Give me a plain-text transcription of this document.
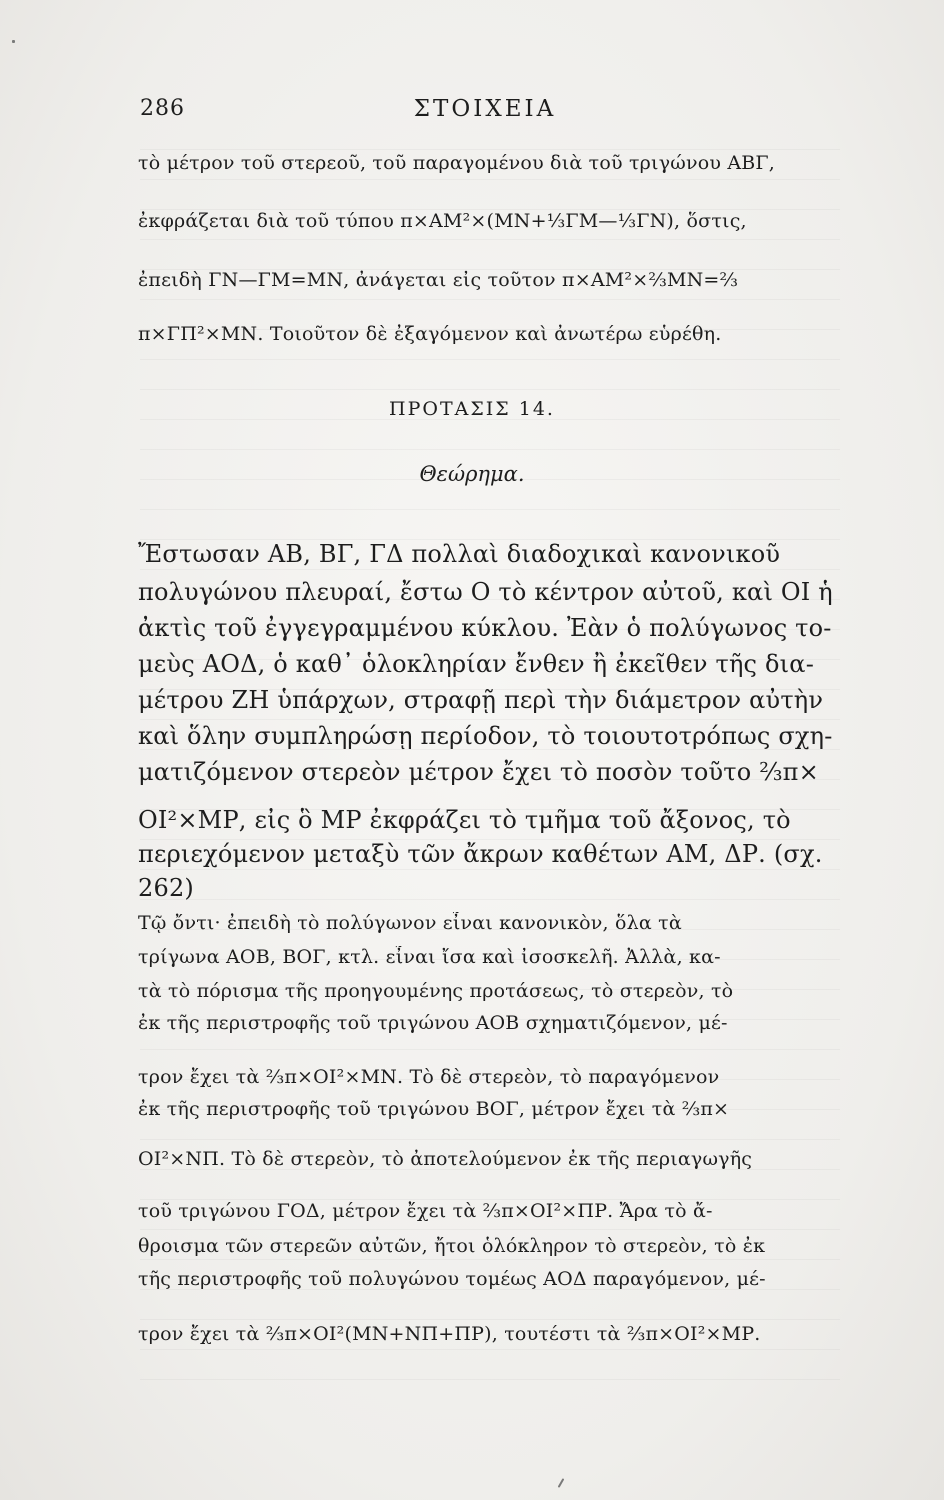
286	ΣΤΟΙΧΕΙΑ
τὸ μέτρον τοῦ στερεοῦ, τοῦ παραγομένου διὰ τοῦ τριγώνου ΑΒΓ,
ἐκφράζεται διὰ τοῦ τύπου π×ΑΜ²×(ΜΝ+⅓ΓΜ—⅓ΓΝ), ὅστις,
ἐπειδὴ ΓΝ—ΓΜ=ΜΝ, ἀνάγεται εἰς τοῦτον π×ΑΜ²×⅔ΜΝ=⅔
π×ΓΠ²×ΜΝ. Τοιοῦτον δὲ ἐξαγόμενον καὶ ἀνωτέρω εὑρέθη.
ΠΡΟΤΑΣΙΣ 14.
Θεώρημα.
Ἔστωσαν ΑΒ, ΒΓ, ΓΔ πολλαὶ διαδοχικαὶ κανονικοῦ
πολυγώνου πλευραί, ἔστω Ο τὸ κέντρον αὐτοῦ, καὶ ΟΙ ἡ
ἀκτὶς τοῦ ἐγγεγραμμένου κύκλου. Ἐὰν ὁ πολύγωνος το-
μεὺς ΑΟΔ, ὁ καθ᾽ ὁλοκληρίαν ἔνθεν ἢ ἐκεῖθεν τῆς δια-
μέτρου ΖΗ ὑπάρχων, στραφῇ περὶ τὴν διάμετρον αὐτὴν
καὶ ὅλην συμπληρώσῃ περίοδον, τὸ τοιουτοτρόπως σχη-
ματιζόμενον στερεὸν μέτρον ἔχει τὸ ποσὸν τοῦτο ⅔π×
ΟΙ²×ΜΡ, εἰς ὃ ΜΡ ἐκφράζει τὸ τμῆμα τοῦ ἄξονος, τὸ
περιεχόμενον μεταξὺ τῶν ἄκρων καθέτων ΑΜ, ΔΡ. (σχ.
262)
Τῷ ὄντι· ἐπειδὴ τὸ πολύγωνον εἶναι κανονικὸν, ὅλα τὰ
τρίγωνα ΑΟΒ, ΒΟΓ, κτλ. εἶναι ἴσα καὶ ἰσοσκελῆ. Ἀλλὰ, κα-
τὰ τὸ πόρισμα τῆς προηγουμένης προτάσεως, τὸ στερεὸν, τὸ
ἐκ τῆς περιστροφῆς τοῦ τριγώνου ΑΟΒ σχηματιζόμενον, μέ-
τρον ἔχει τὰ ⅔π×ΟΙ²×ΜΝ. Τὸ δὲ στερεὸν, τὸ παραγόμενον
ἐκ τῆς περιστροφῆς τοῦ τριγώνου ΒΟΓ, μέτρον ἔχει τὰ ⅔π×
ΟΙ²×ΝΠ. Τὸ δὲ στερεὸν, τὸ ἀποτελούμενον ἐκ τῆς περιαγωγῆς
τοῦ τριγώνου ΓΟΔ, μέτρον ἔχει τὰ ⅔π×ΟΙ²×ΠΡ. Ἄρα τὸ ἄ-
θροισμα τῶν στερεῶν αὐτῶν, ἤτοι ὁλόκληρον τὸ στερεὸν, τὸ ἐκ
τῆς περιστροφῆς τοῦ πολυγώνου τομέως ΑΟΔ παραγόμενον, μέ-
τρον ἔχει τὰ ⅔π×ΟΙ²(ΜΝ+ΝΠ+ΠΡ), τουτέστι τὰ ⅔π×ΟΙ²×ΜΡ.
